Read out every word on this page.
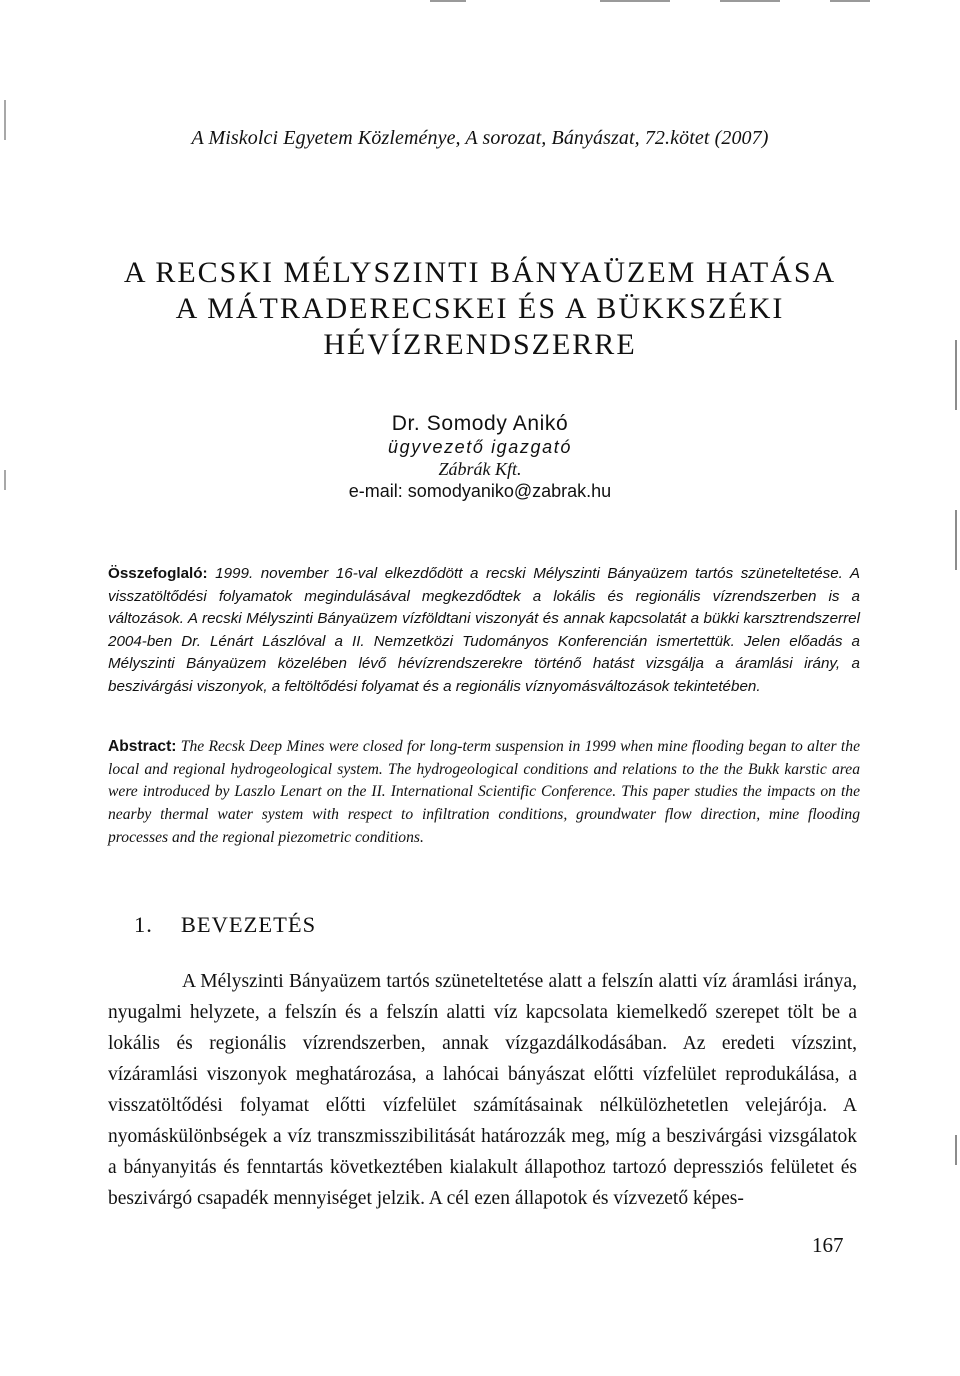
A Miskolci Egyetem Közleménye, A sorozat, Bányászat, 72.kötet (2007)
A RECSKI MÉLYSZINTI BÁNYAÜZEM HATÁSA
A MÁTRADERECSKEI ÉS A BÜKKSZÉKI
HÉVÍZRENDSZERRE
Dr. Somody Anikó
ügyvezető igazgató
Zábrák Kft.
e-mail: somodyaniko@zabrak.hu

Összefoglaló: 1999. november 16-val elkezdődött a recski Mélyszinti Bányaüzem tartós szüneteltetése. A visszatöltődési folyamatok megindulásával megkezdődtek a lokális és regionális vízrendszerben is a változások. A recski Mélyszinti Bányaüzem vízföldtani viszonyát és annak kapcsolatát a bükki karsztrendszerrel 2004-ben Dr. Lénárt Lászlóval a II. Nemzetközi Tudományos Konferencián ismertettük. Jelen előadás a Mélyszinti Bányaüzem közelében lévő hévízrendszerekre történő hatást vizsgálja a áramlási irány, a beszivárgási viszonyok, a feltöltődési folyamat és a regionális víznyomásváltozások tekintetében.

Abstract: The Recsk Deep Mines were closed for long-term suspension in 1999 when mine flooding began to alter the local and regional hydrogeological system. The hydrogeological conditions and relations to the the Bukk karstic area were introduced by Laszlo Lenart on the II. International Scientific Conference. This paper studies the impacts on the nearby thermal water system with respect to infiltration conditions, groundwater flow direction, mine flooding processes and the regional piezometric conditions.

1. BEVEZETÉS

A Mélyszinti Bányaüzem tartós szüneteltetése alatt a felszín alatti víz áramlási iránya, nyugalmi helyzete, a felszín és a felszín alatti víz kapcsolata kiemelkedő szerepet tölt be a lokális és regionális vízrendszerben, annak vízgazdálkodásában. Az eredeti vízszint, vízáramlási viszonyok meghatározása, a lahócai bányászat előtti vízfelület reprodukálása, a visszatöltődési folyamat előtti vízfelület számításainak nélkülözhetetlen velejárója. A nyomáskülönbségek a víz transzmisszibilitását határozzák meg, míg a beszivárgási vizsgálatok a bányanyitás és fenntartás következtében kialakult állapothoz tartozó depressziós felületet és beszivárgó csapadék mennyiséget jelzik. A cél ezen állapotok és vízvezető képes-

167
